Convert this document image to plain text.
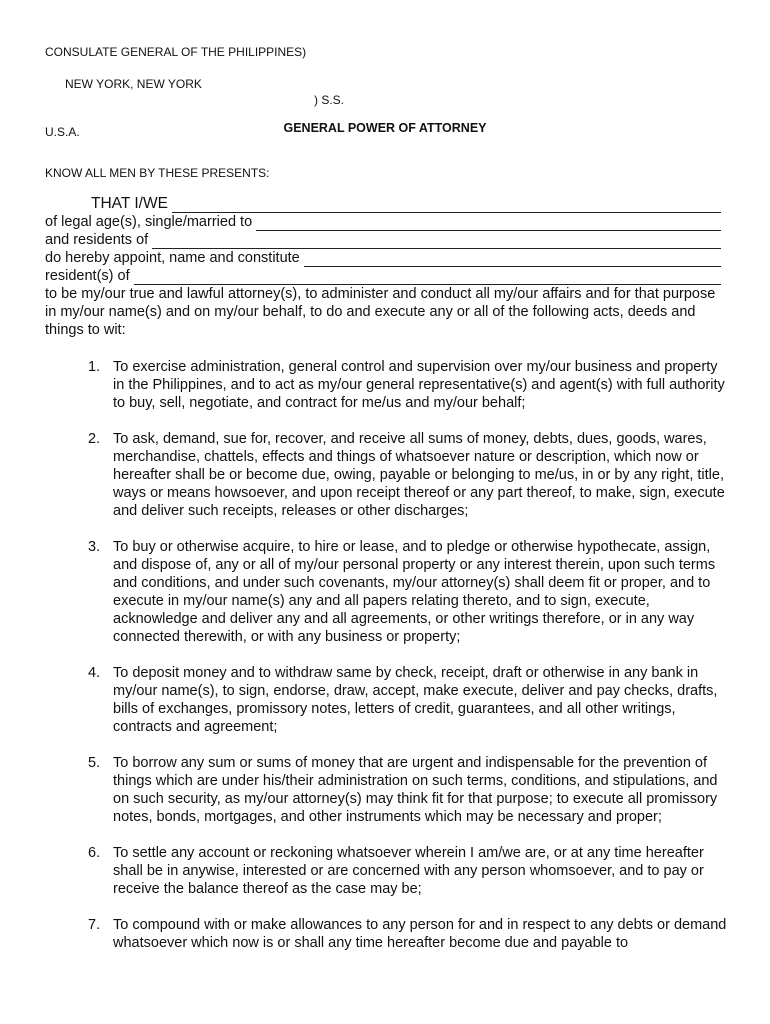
CONSULATE GENERAL OF THE PHILIPPINES)

NEW YORK, NEW YORK

) S.S.

U.S.A.	GENERAL POWER OF ATTORNEY
KNOW ALL MEN BY THESE PRESENTS:
THAT I/WE
of legal age(s), single/married to
and residents of
do hereby appoint, name and constitute
resident(s) of

to be my/our true and lawful attorney(s), to administer and conduct all my/our affairs and for that purpose in my/our name(s) and on my/our behalf, to do and execute any or all of the following acts, deeds and things to wit:

1. To exercise administration, general control and supervision over my/our business and property in the Philippines, and to act as my/our general representative(s) and agent(s) with full authority to buy, sell, negotiate, and contract for me/us and my/our behalf;
2. To ask, demand, sue for, recover, and receive all sums of money, debts, dues, goods, wares, merchandise, chattels, effects and things of whatsoever nature or description, which now or hereafter shall be or become due, owing, payable or belonging to me/us, in or by any right, title, ways or means howsoever, and upon receipt thereof or any part thereof, to make, sign, execute and deliver such receipts, releases or other discharges;
3. To buy or otherwise acquire, to hire or lease, and to pledge or otherwise hypothecate, assign, and dispose of, any or all of my/our personal property or any interest therein, upon such terms and conditions, and under such covenants, my/our attorney(s) shall deem fit or proper, and to execute in my/our name(s) any and all papers relating thereto, and to sign, execute, acknowledge and deliver any and all agreements, or other writings therefore, or in any way connected therewith, or with any business or property;
4. To deposit money and to withdraw same by check, receipt, draft or otherwise in any bank in my/our name(s), to sign, endorse, draw, accept, make execute, deliver and pay checks, drafts, bills of exchanges, promissory notes, letters of credit, guarantees, and all other writings, contracts and agreement;
5. To borrow any sum or sums of money that are urgent and indispensable for the prevention of things which are under his/their administration on such terms, conditions, and stipulations, and on such security, as my/our attorney(s) may think fit for that purpose; to execute all promissory notes, bonds, mortgages, and other instruments which may be necessary and proper;
6. To settle any account or reckoning whatsoever wherein I am/we are, or at any time hereafter shall be in anywise, interested or are concerned with any person whomsoever, and to pay or receive the balance thereof as the case may be;
7. To compound with or make allowances to any person for and in respect to any debts or demand whatsoever which now is or shall any time hereafter become due and payable to
